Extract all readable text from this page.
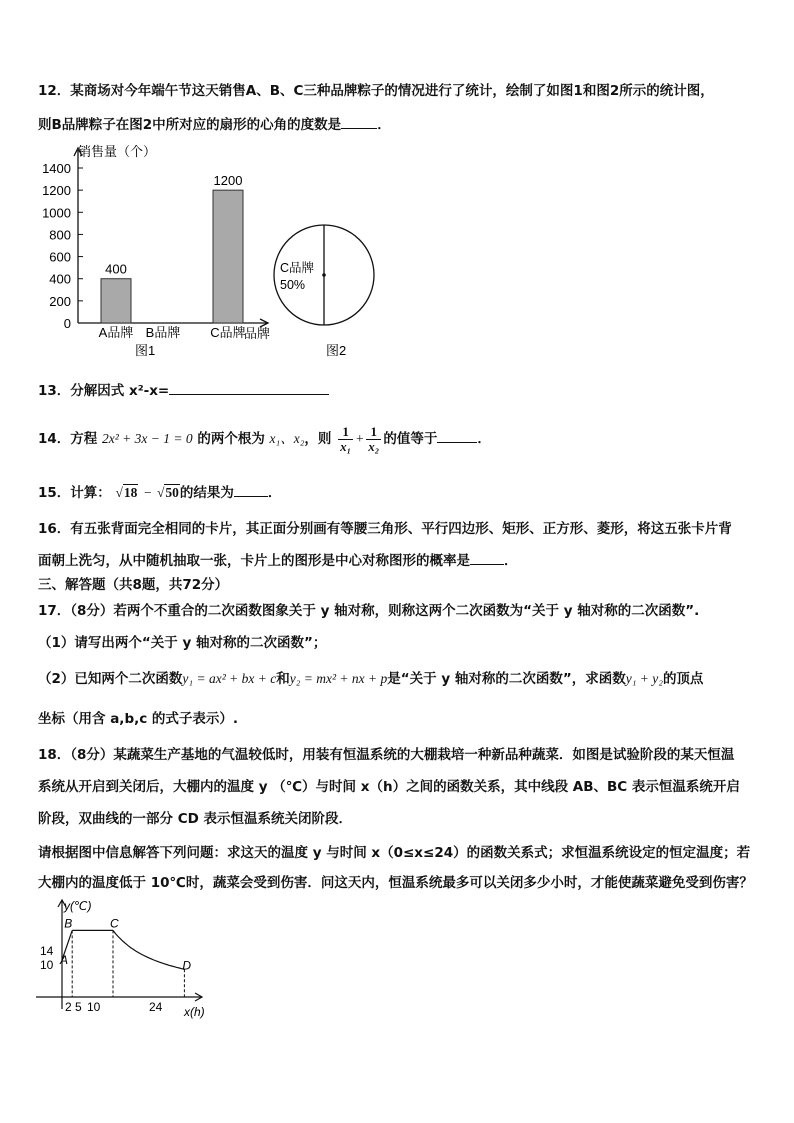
12．某商场对今年端午节这天销售A、B、C三种品牌粽子的情况进行了统计，绘制了如图1和图2所示的统计图，
则B品牌粽子在图2中所对应的扇形的心角的度数是	．
销售量（个）
0
200
400
600
800
1000
1200
1400
400
A品牌 B品牌
1200
C品牌
品牌
图1
C品牌
50%
图2
13．分解因式 x²-x=
14．方程 2x² + 3x − 1 = 0 的两个根为 x₁、x₂，则 $\frac{1}{\text{x₁}} + \frac{1}{\text{x₂}}$ 的值等于	．
15．计算： √18 − √50的结果为	．
16．有五张背面完全相同的卡片，其正面分别画有等腰三角形、平行四边形、矩形、正方形、菱形，将这五张卡片背
面朝上洗匀，从中随机抽取一张，卡片上的图形是中心对称图形的概率是	．
三、解答题（共8题，共72分）
17．（8分）若两个不重合的二次函数图象关于 y 轴对称，则称这两个二次函数为“关于 y 轴对称的二次函数”.
（1）请写出两个“关于 y 轴对称的二次函数”；
（2）已知两个二次函数y₁ = ax² + bx + c和y₂ = mx² + nx + p是“关于 y 轴对称的二次函数”，求函数y₁ + y₂的顶点
坐标（用含 a,b,c 的式子表示）.
18．（8分）某蔬菜生产基地的气温较低时，用装有恒温系统的大棚栽培一种新品种蔬菜．如图是试验阶段的某天恒温
系统从开启到关闭后，大棚内的温度 y （℃）与时间 x（h）之间的函数关系，其中线段 AB、BC 表示恒温系统开启
阶段，双曲线的一部分 CD 表示恒温系统关闭阶段．
请根据图中信息解答下列问题：求这天的温度 y 与时间 x（0≤x≤24）的函数关系式；求恒温系统设定的恒定温度；若
大棚内的温度低于 10℃时，蔬菜会受到伤害．问这天内，恒温系统最多可以关闭多少小时，才能使蔬菜避免受到伤害？
A
B	C
D
14
10
2 5 10	24
y(℃)
x(h)
